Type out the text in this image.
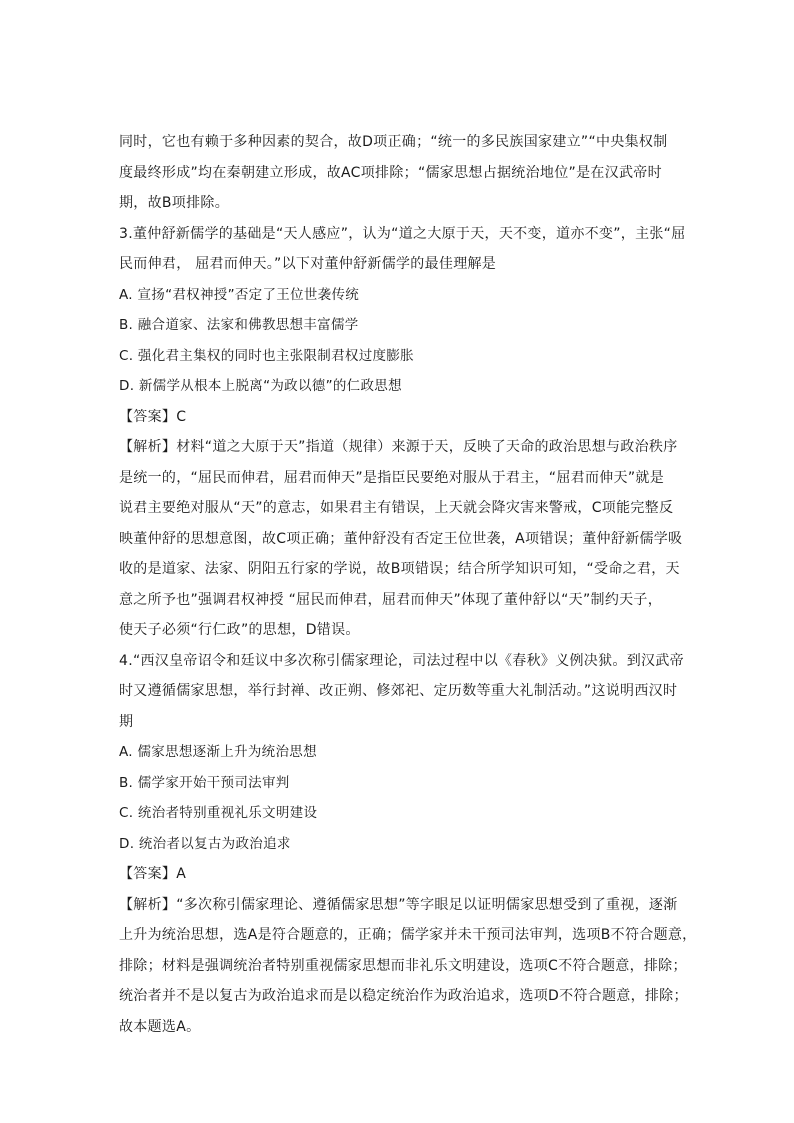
同时，它也有赖于多种因素的契合，故D项正确；“统一的多民族国家建立”“中央集权制
度最终形成”均在秦朝建立形成，故AC项排除；“儒家思想占据统治地位”是在汉武帝时
期，故B项排除。
3.董仲舒新儒学的基础是“天人感应”，认为“道之大原于天，天不变，道亦不变”，主张“屈
民而伸君， 屈君而伸天。”以下对董仲舒新儒学的最佳理解是
A. 宣扬“君权神授”否定了王位世袭传统
B. 融合道家、法家和佛教思想丰富儒学
C. 强化君主集权的同时也主张限制君权过度膨胀
D. 新儒学从根本上脱离“为政以德”的仁政思想
【答案】C
【解析】材料“道之大原于天”指道（规律）来源于天，反映了天命的政治思想与政治秩序
是统一的，“屈民而伸君，屈君而伸天”是指臣民要绝对服从于君主，“屈君而伸天”就是
说君主要绝对服从“天”的意志，如果君主有错误，上天就会降灾害来警戒，C项能完整反
映董仲舒的思想意图，故C项正确；董仲舒没有否定王位世袭，A项错误；董仲舒新儒学吸
收的是道家、法家、阴阳五行家的学说，故B项错误；结合所学知识可知，“受命之君，天
意之所予也”强调君权神授 “屈民而伸君，屈君而伸天”体现了董仲舒以“天”制约天子，
使天子必须“行仁政”的思想，D错误。
4.“西汉皇帝诏令和廷议中多次称引儒家理论，司法过程中以《春秋》义例决狱。到汉武帝
时又遵循儒家思想，举行封禅、改正朔、修郊祀、定历数等重大礼制活动。”这说明西汉时
期
A. 儒家思想逐渐上升为统治思想
B. 儒学家开始干预司法审判
C. 统治者特别重视礼乐文明建设
D. 统治者以复古为政治追求
【答案】A
【解析】“多次称引儒家理论、遵循儒家思想”等字眼足以证明儒家思想受到了重视，逐渐
上升为统治思想，选A是符合题意的，正确；儒学家并未干预司法审判，选项B不符合题意，
排除；材料是强调统治者特别重视儒家思想而非礼乐文明建设，选项C不符合题意，排除；
统治者并不是以复古为政治追求而是以稳定统治作为政治追求，选项D不符合题意，排除；
故本题选A。
